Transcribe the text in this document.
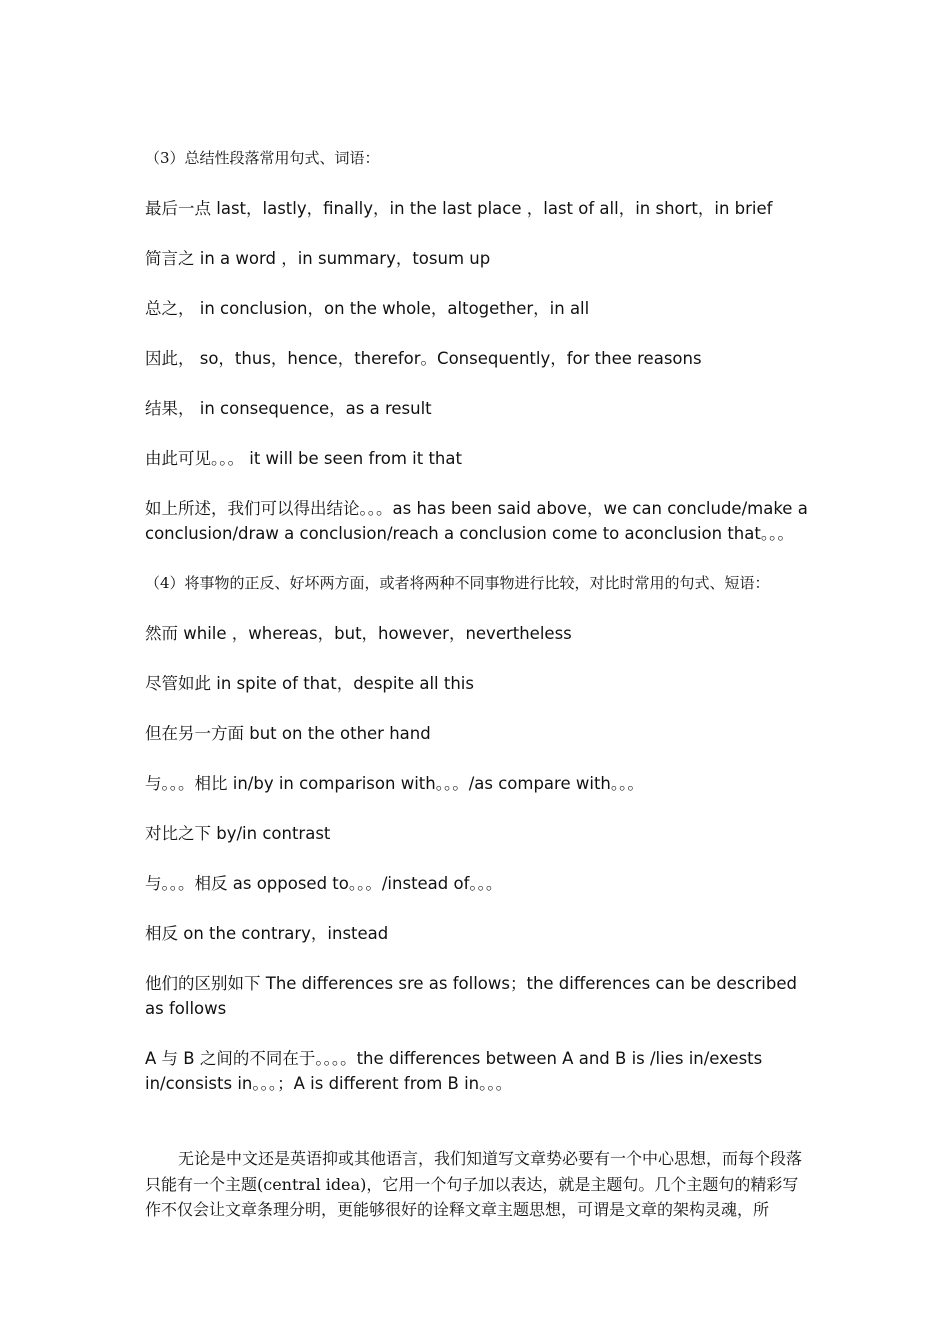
（3）总结性段落常用句式、词语：

最后一点 last，lastly，finally，in the last place ，last of all，in short，in brief

简言之 in a word ，in summary，tosum up

总之， in conclusion，on the whole，altogether，in all

因此， so，thus，hence，therefor。Consequently，for thee reasons

结果， in consequence，as a result

由此可见。。。 it will be seen from it that

如上所述，我们可以得出结论。。。as has been said above，we can conclude/make a conclusion/draw a conclusion/reach a conclusion come to aconclusion that。。。

（4）将事物的正反、好坏两方面，或者将两种不同事物进行比较，对比时常用的句式、短语：

然而 while ，whereas，but，however，nevertheless

尽管如此 in spite of that，despite all this

但在另一方面 but on the other hand

与。。。相比 in/by in comparison with。。。/as compare with。。。

对比之下 by/in contrast

与。。。相反 as opposed to。。。/instead of。。。

相反 on the contrary，instead

他们的区别如下 The differences sre as follows；the differences can be described as follows

A 与 B 之间的不同在于。。。。the differences between A and B is /lies in/exests in/consists in。。。；A is different from B in。。。

无论是中文还是英语抑或其他语言，我们知道写文章势必要有一个中心思想，而每个段落只能有一个主题(central idea)，它用一个句子加以表达，就是主题句。几个主题句的精彩写作不仅会让文章条理分明，更能够很好的诠释文章主题思想，可谓是文章的架构灵魂，所
